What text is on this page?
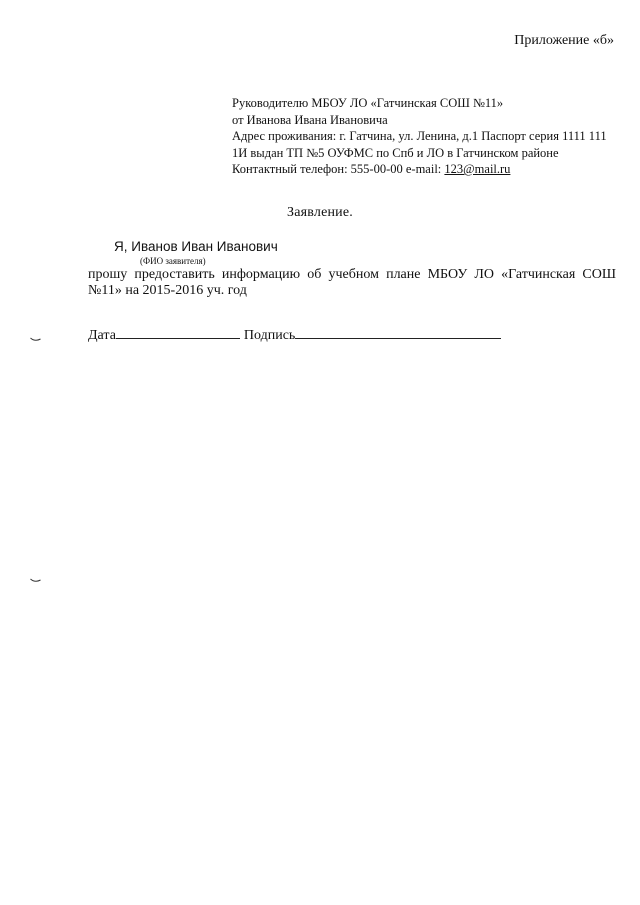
Приложение «б»
Руководителю МБОУ ЛО «Гатчинская СОШ №11»
от Иванова Ивана Ивановича
Адрес проживания: г. Гатчина, ул. Ленина, д.1 Паспорт серия 1111 111
1И выдан ТП №5 ОУФМС по Спб и ЛО в Гатчинском районе
Контактный телефон: 555-00-00 e-mail: 123@mail.ru
Заявление.
Я, Иванов Иван Иванович
(ФИО заявителя)
прошу предоставить информацию об учебном плане МБОУ ЛО «Гатчинская СОШ №11» на 2015-2016 уч. год
Дата	Подпись
